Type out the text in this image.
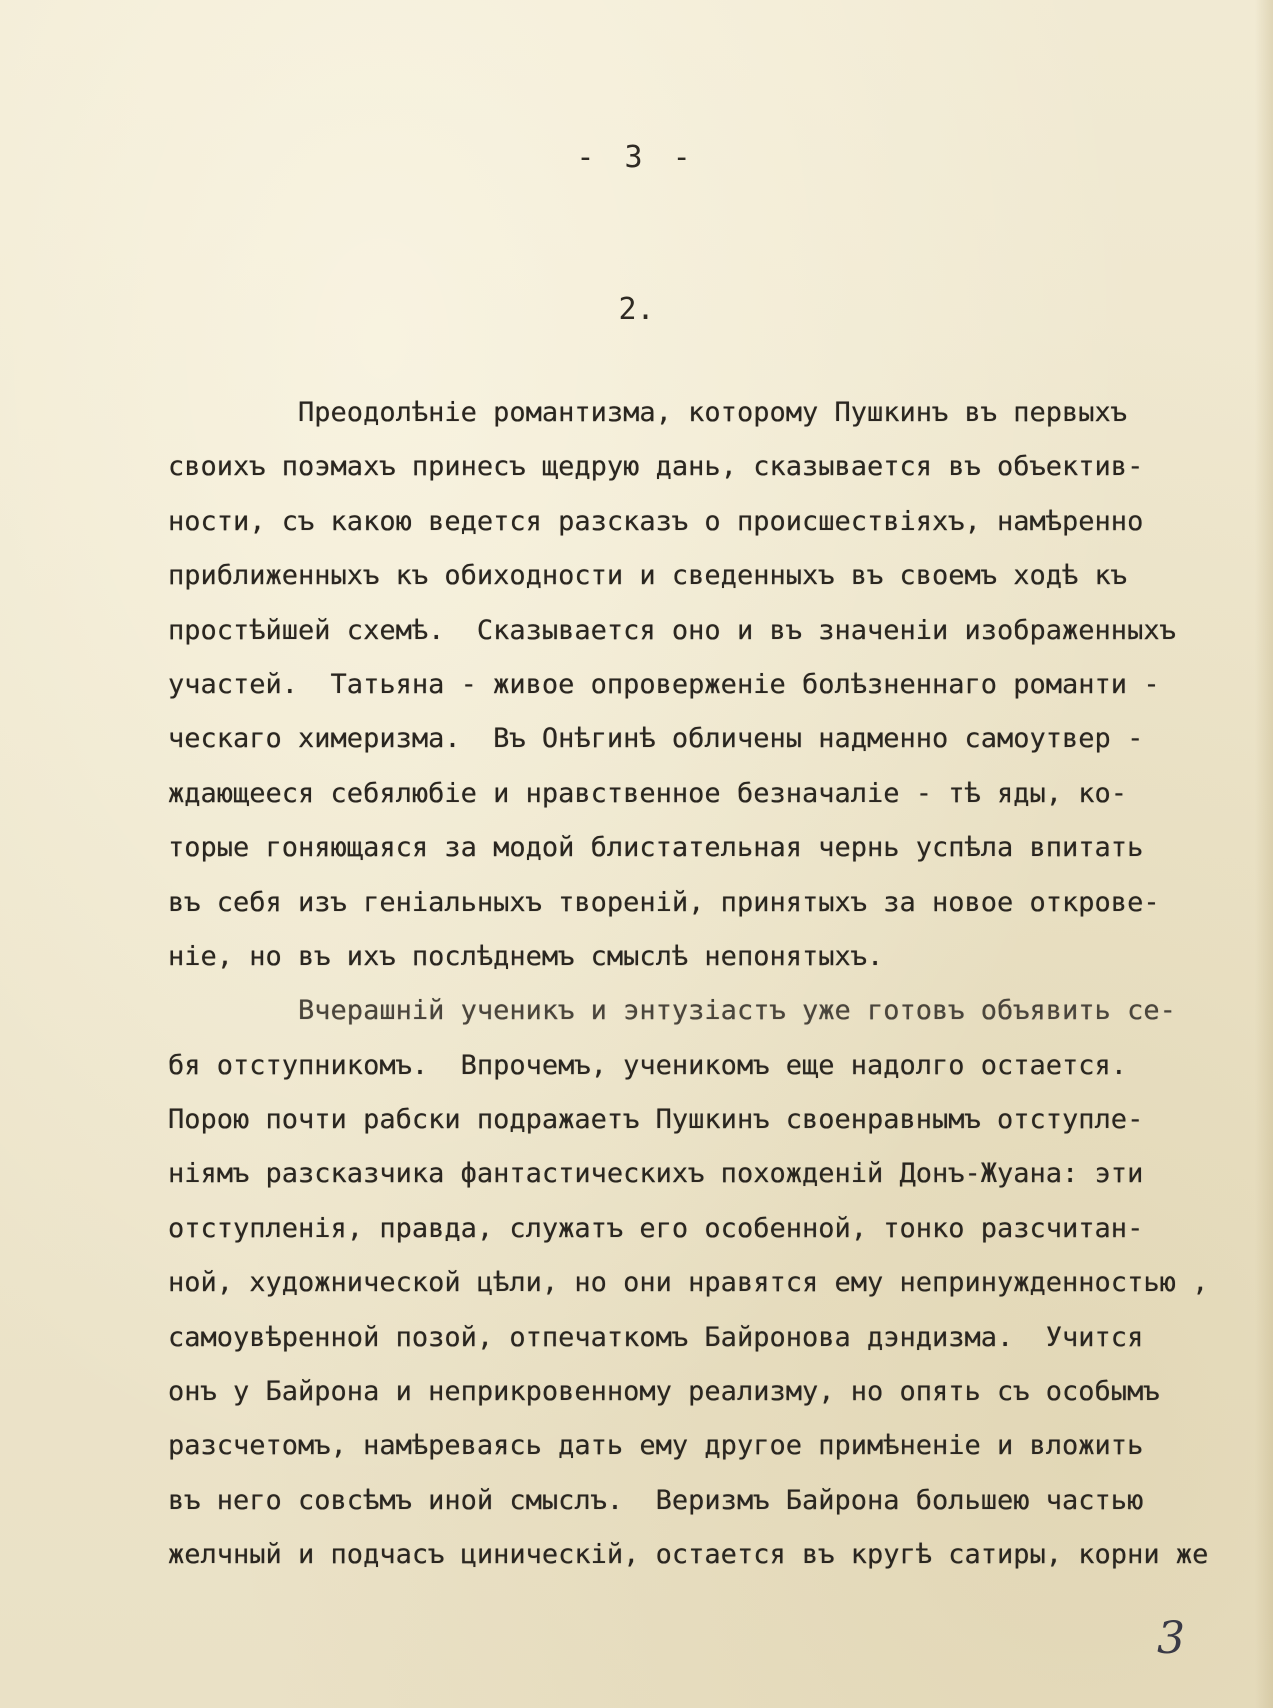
- 3 -
2.
Преодолѣніе романтизма, которому Пушкинъ въ первыхъ
своихъ поэмахъ принесъ щедрую дань, сказывается въ объектив-
ности, съ какою ведется разсказъ о происшествіяхъ, намѣренно
приближенныхъ къ обиходности и сведенныхъ въ своемъ ходѣ къ
простѣйшей схемѣ.  Сказывается оно и въ значеніи изображенныхъ
участей.  Татьяна - живое опроверженіе болѣзненнаго романти -
ческаго химеризма.  Въ Онѣгинѣ обличены надменно самоутвер -
ждающееся себялюбіе и нравственное безначаліе - тѣ яды, ко-
торые гоняющаяся за модой блистательная чернь успѣла впитать
въ себя изъ геніальныхъ твореній, принятыхъ за новое открове-
ніе, но въ ихъ послѣднемъ смыслѣ непонятыхъ.
Вчерашній ученикъ и энтузіастъ уже готовъ объявить се-
бя отступникомъ.  Впрочемъ, ученикомъ еще надолго остается.
Порою почти рабски подражаетъ Пушкинъ своенравнымъ отступле-
ніямъ разсказчика фантастическихъ похожденій Донъ-Жуана: эти
отступленія, правда, служатъ его особенной, тонко разсчитан-
ной, художнической цѣли, но они нравятся ему непринужденностью ,
самоувѣренной позой, отпечаткомъ Байронова дэндизма.  Учится
онъ у Байрона и неприкровенному реализму, но опять съ особымъ
разсчетомъ, намѣреваясь дать ему другое примѣненіе и вложить
въ него совсѣмъ иной смыслъ.  Веризмъ Байрона большею частью
желчный и подчасъ циническій, остается въ кругѣ сатиры, корни же
3
